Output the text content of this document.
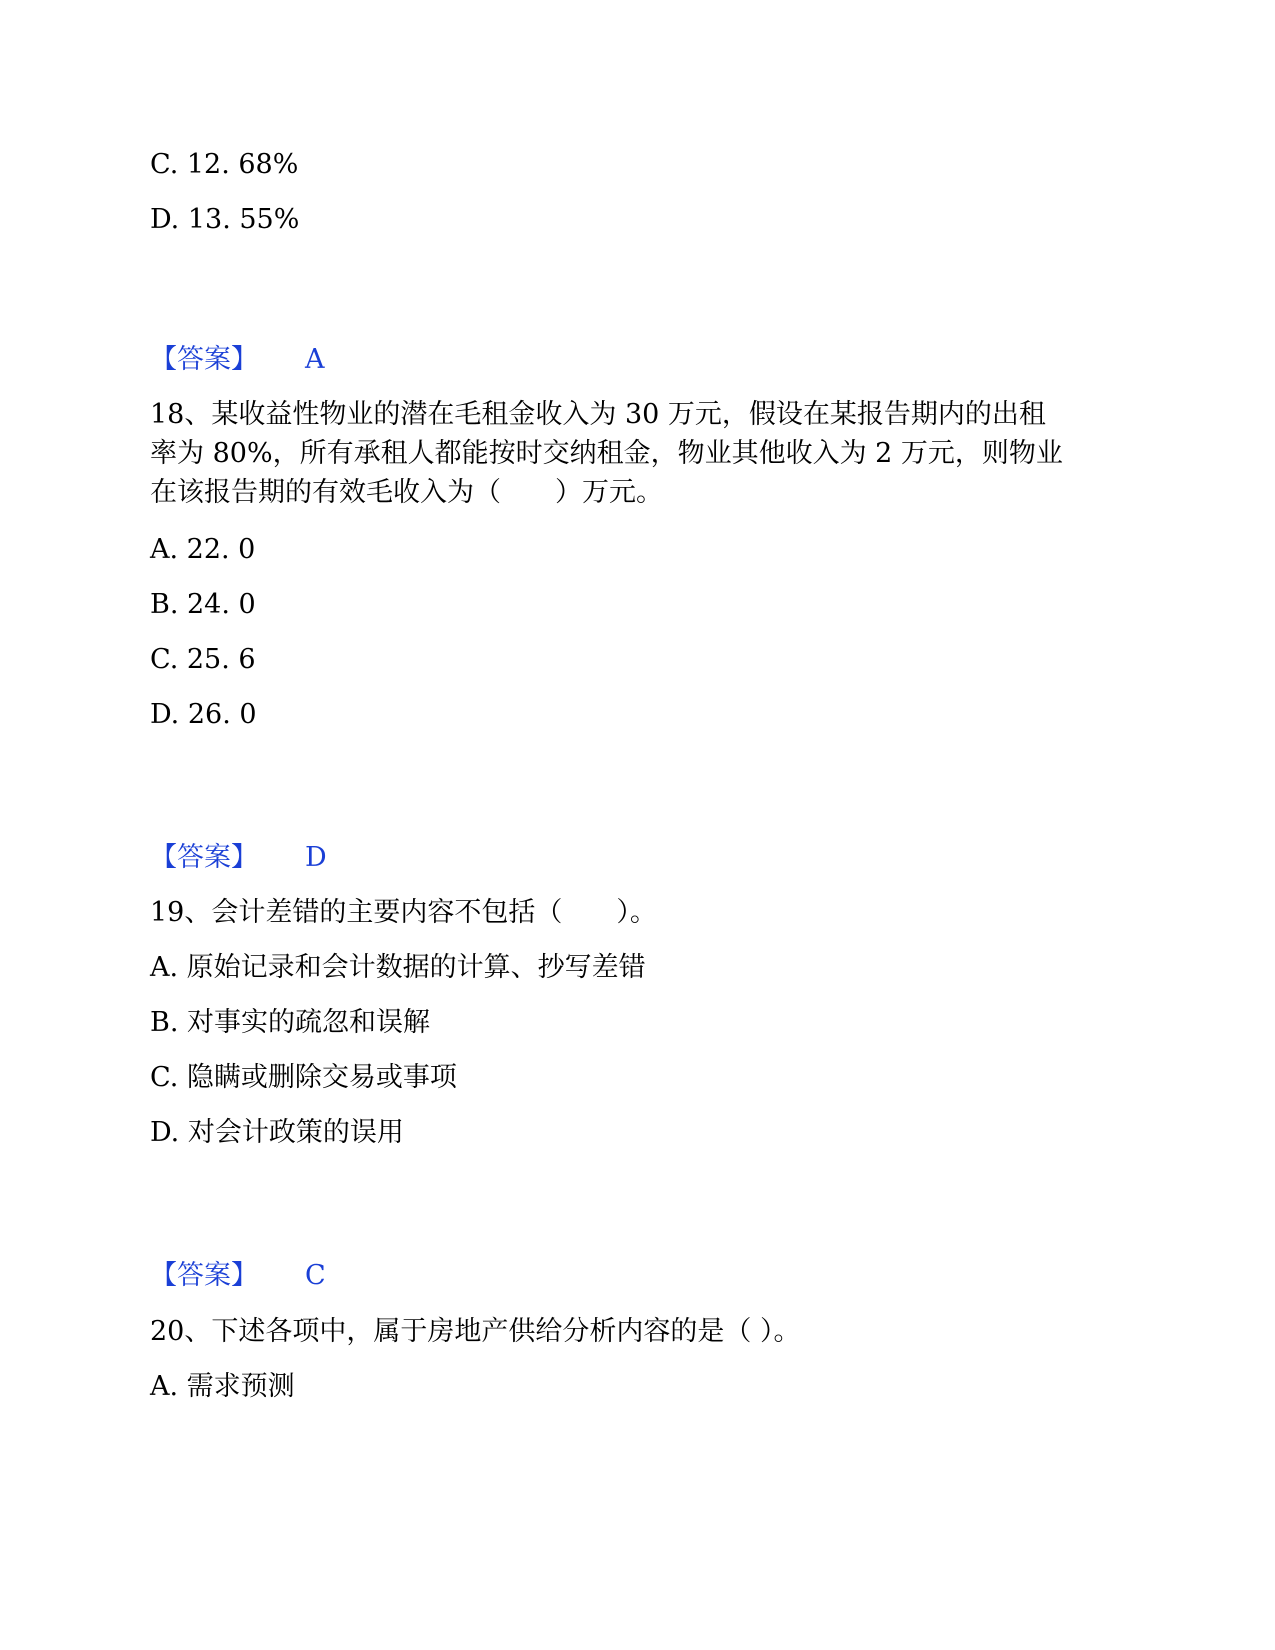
C. 12. 68%
D. 13. 55%
【答案】 A
18、某收益性物业的潜在毛租金收入为 30 万元，假设在某报告期内的出租
率为 80%，所有承租人都能按时交纳租金，物业其他收入为 2 万元，则物业
在该报告期的有效毛收入为（　　）万元。
A. 22. 0
B. 24. 0
C. 25. 6
D. 26. 0
【答案】 D
19、会计差错的主要内容不包括（　　）。
A. 原始记录和会计数据的计算、抄写差错
B. 对事实的疏忽和误解
C. 隐瞒或删除交易或事项
D. 对会计政策的误用
【答案】 C
20、下述各项中，属于房地产供给分析内容的是（ ）。
A. 需求预测
